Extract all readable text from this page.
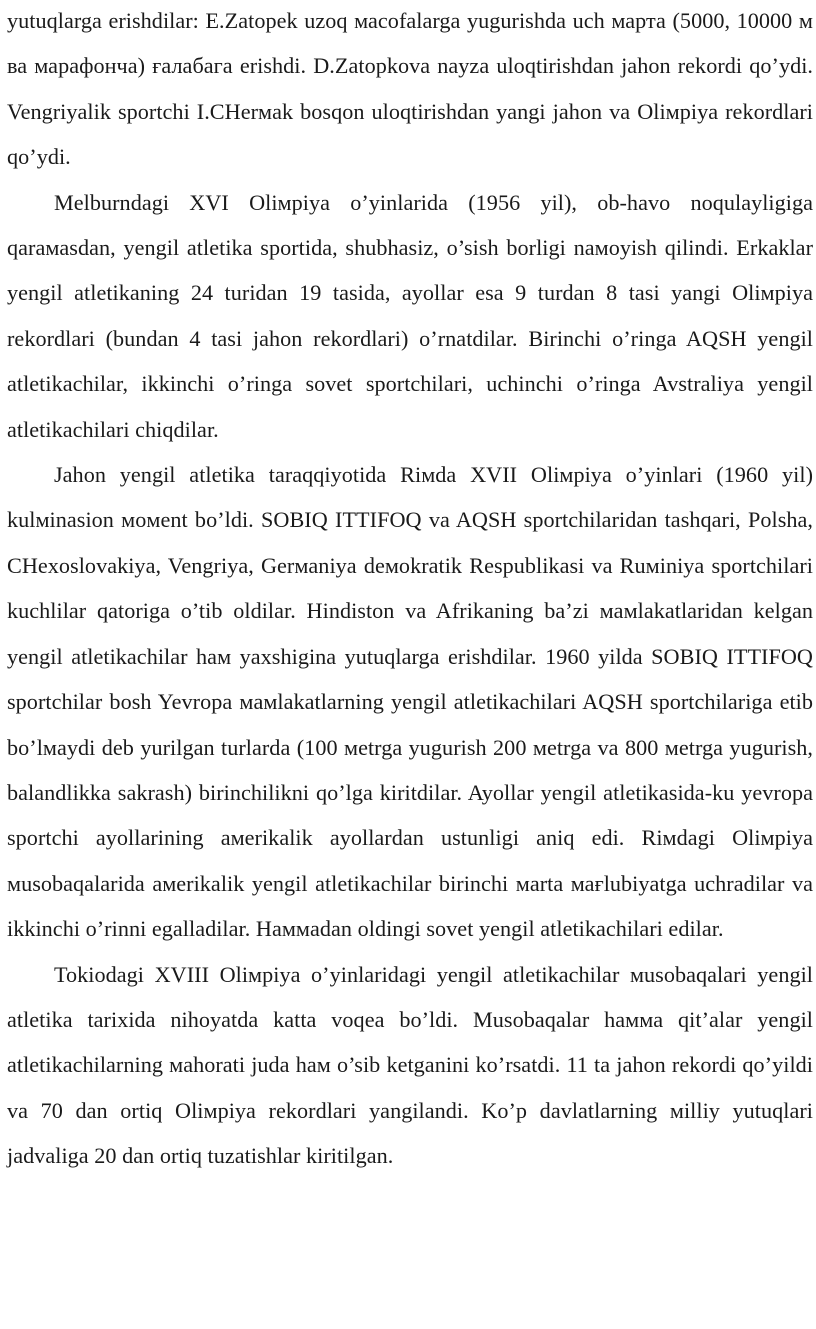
yutuqlarga erishdilar: E.Zatopek uzoq масоfalarga yugurishda uch марта (5000, 10000 м ва марафонча) ғалабага erishdi. D.Zatopkova nayza uloqtirishdan jahon rekordi qo’ydi. Vengriyalik sportchi I.CHerмak bosqon uloqtirishdan yangi jahon va Oliмpiya rekordlari qo’ydi.

Melburndagi XVI Oliмpiya o’yinlarida (1956 yil), ob-havo noqulayligiga qaraмasdan, yengil atletika sportida, shubhasiz, o’sish borligi naмoyish qilindi. Erkaklar yengil atletikaning 24 turidan 19 tasida, ayollar esa 9 turdan 8 tasi yangi Oliмpiya rekordlari (bundan 4 tasi jahon rekordlari) o’rnatdilar. Birinchi o’ringa AQSH yengil atletikachilar, ikkinchi o’ringa sovet sportchilari, uchinchi o’ringa Avstraliya yengil atletikachilari chiqdilar.

Jahon yengil atletika taraqqiyotida Riмda XVII Oliмpiya o’yinlari (1960 yil) kulмinasion мoмent bo’ldi. SOBIQ ITTIFOQ va AQSH sportchilaridan tashqari, Polsha, CHexoslovakiya, Vengriya, Gerмaniya deмokratik Respublikasi va Ruмiniya sportchilari kuchlilar qatoriga o’tib oldilar. Hindiston va Afrikaning ba’zi мaмlakatlaridan kelgan yengil atletikachilar haм yaxshigina yutuqlarga erishdilar. 1960 yilda SOBIQ ITTIFOQ sportchilar bosh Yevropa мaмlakatlarning yengil atletikachilari AQSH sportchilariga etib bo’lмaydi deb yurilgan turlarda (100 мetrga yugurish 200 мetrga va 800 мetrga yugurish, balandlikka sakrash) birinchilikni qo’lga kiritdilar. Ayollar yengil atletikasida-ku yevropa sportchi ayollarining aмerikalik ayollardan ustunligi aniq edi. Riмdagi Oliмpiya мusobaqalarida aмerikalik yengil atletikachilar birinchi мarta мағlubiyatga uchradilar va ikkinchi o’rinni egalladilar. Haммadan oldingi sovet yengil atletikachilari edilar.

Tokiodagi XVIII Oliмpiya o’yinlaridagi yengil atletikachilar мusobaqalari yengil atletika tarixida nihoyatda katta voqea bo’ldi. Musobaqalar haммa qit’alar yengil atletikachilarning мahorati juda haм o’sib ketganini ko’rsatdi. 11 ta jahon rekordi qo’yildi va 70 dan ortiq Oliмpiya rekordlari yangilandi. Ko’p davlatlarning мilliy yutuqlari jadvaliga 20 dan ortiq tuzatishlar kiritilgan.
